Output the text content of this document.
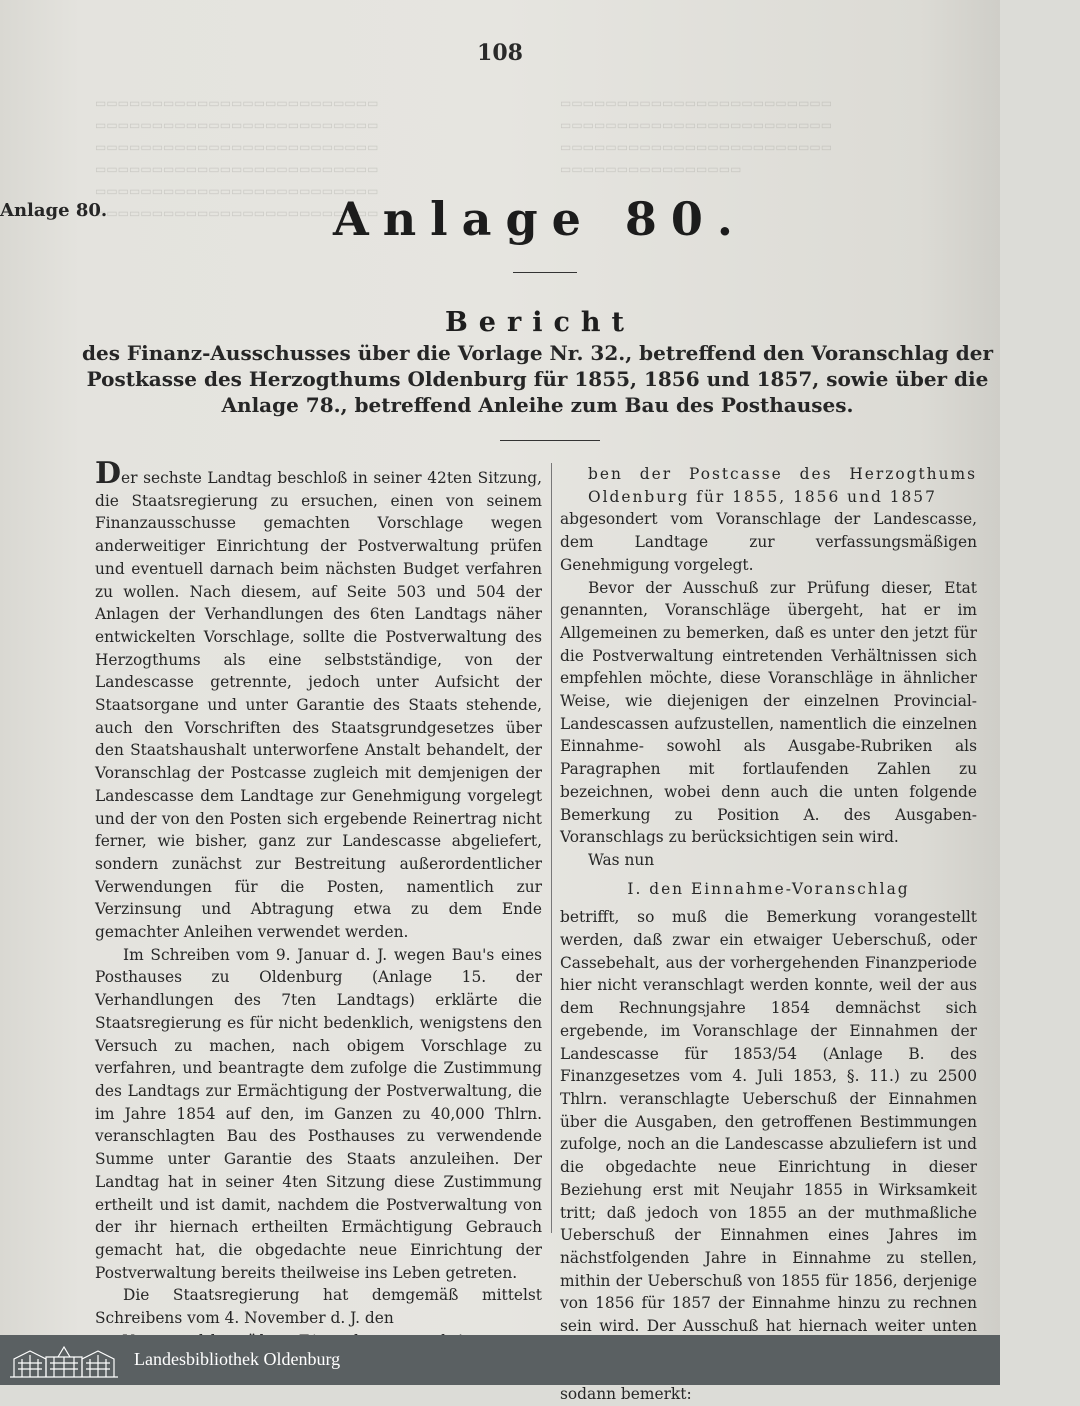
▭▭▭▭▭▭▭▭▭▭▭▭▭▭▭▭▭▭▭▭▭▭▭▭▭
▭▭▭▭▭▭▭▭▭▭▭▭▭▭▭▭▭▭▭▭▭▭▭▭▭
▭▭▭▭▭▭▭▭▭▭▭▭▭▭▭▭▭▭▭▭▭▭▭▭▭
▭▭▭▭▭▭▭▭▭▭▭▭▭▭▭▭▭▭▭▭▭▭▭▭▭
▭▭▭▭▭▭▭▭▭▭▭▭▭▭▭▭▭▭▭▭▭▭▭▭▭
▭▭▭▭▭▭▭▭▭▭▭▭▭▭▭▭▭▭▭▭▭▭▭▭▭
▭▭▭▭▭▭▭▭▭▭▭▭▭▭▭▭▭▭▭▭▭▭▭▭
▭▭▭▭▭▭▭▭▭▭▭▭▭▭▭▭▭▭▭▭▭▭▭▭
▭▭▭▭▭▭▭▭▭▭▭▭▭▭▭▭▭▭▭▭▭▭▭▭
▭▭▭▭▭▭▭▭▭▭▭▭▭▭▭▭
108
Anlage 80.	Anlage 80.
Bericht
des Finanz-Ausschusses über die Vorlage Nr. 32., betreffend den Voranschlag der Postkasse des Herzogthums Oldenburg für 1855, 1856 und 1857, sowie über die Anlage 78., betreffend Anleihe zum Bau des Posthauses.

Der sechste Landtag beschloß in seiner 42ten Sitzung, die Staatsregierung zu ersuchen, einen von seinem Finanzausschusse gemachten Vorschlage wegen anderweitiger Einrichtung der Postverwaltung prüfen und eventuell darnach beim nächsten Budget verfahren zu wollen. Nach diesem, auf Seite 503 und 504 der Anlagen der Verhandlungen des 6ten Landtags näher entwickelten Vorschlage, sollte die Postverwaltung des Herzogthums als eine selbstständige, von der Landescasse getrennte, jedoch unter Aufsicht der Staatsorgane und unter Garantie des Staats stehende, auch den Vorschriften des Staatsgrundgesetzes über den Staatshaushalt unterworfene Anstalt behandelt, der Voranschlag der Postcasse zugleich mit demjenigen der Landescasse dem Landtage zur Genehmigung vorgelegt und der von den Posten sich ergebende Reinertrag nicht ferner, wie bisher, ganz zur Landescasse abgeliefert, sondern zunächst zur Bestreitung außerordentlicher Verwendungen für die Posten, namentlich zur Verzinsung und Abtragung etwa zu dem Ende gemachter Anleihen verwendet werden.

Im Schreiben vom 9. Januar d. J. wegen Bau's eines Posthauses zu Oldenburg (Anlage 15. der Verhandlungen des 7ten Landtags) erklärte die Staatsregierung es für nicht bedenklich, wenigstens den Versuch zu machen, nach obigem Vorschlage zu verfahren, und beantragte dem zufolge die Zustimmung des Landtags zur Ermächtigung der Postverwaltung, die im Jahre 1854 auf den, im Ganzen zu 40,000 Thlrn. veranschlagten Bau des Posthauses zu verwendende Summe unter Garantie des Staats anzuleihen. Der Landtag hat in seiner 4ten Sitzung diese Zustimmung ertheilt und ist damit, nachdem die Postverwaltung von der ihr hiernach ertheilten Ermächtigung Gebrauch gemacht hat, die obgedachte neue Einrichtung der Postverwaltung bereits theilweise ins Leben getreten.

Die Staatsregierung hat demgemäß mittelst Schreibens vom 4. November d. J. den

ben der Postcasse des Herzogthums Oldenburg für 1855, 1856 und 1857

abgesondert vom Voranschlage der Landescasse, dem Landtage zur verfassungsmäßigen Genehmigung vorgelegt.

Bevor der Ausschuß zur Prüfung dieser, Etat genannten, Voranschläge übergeht, hat er im Allgemeinen zu bemerken, daß es unter den jetzt für die Postverwaltung eintretenden Verhältnissen sich empfehlen möchte, diese Voranschläge in ähnlicher Weise, wie diejenigen der einzelnen Provincial-Landescassen aufzustellen, namentlich die einzelnen Einnahme- sowohl als Ausgabe-Rubriken als Paragraphen mit fortlaufenden Zahlen zu bezeichnen, wobei denn auch die unten folgende Bemerkung zu Position A. des Ausgaben-Voranschlags zu berücksichtigen sein wird.

Was nun

I. den Einnahme-Voranschlag

betrifft, so muß die Bemerkung vorangestellt werden, daß zwar ein etwaiger Ueberschuß, oder Cassebehalt, aus der vorhergehenden Finanzperiode hier nicht veranschlagt werden konnte, weil der aus dem Rechnungsjahre 1854 demnächst sich ergebende, im Voranschlage der Einnahmen der Landescasse für 1853/54 (Anlage B. des Finanzgesetzes vom 4. Juli 1853, §. 11.) zu 2500 Thlrn. veranschlagte Ueberschuß der Einnahmen über die Ausgaben, den getroffenen Bestimmungen zufolge, noch an die Landescasse abzuliefern ist und die obgedachte neue Einrichtung in dieser Beziehung erst mit Neujahr 1855 in Wirksamkeit tritt; daß jedoch von 1855 an der muthmaßliche Ueberschuß der Einnahmen eines Jahres im nächstfolgenden Jahre in Einnahme zu stellen, mithin der Ueberschuß von 1855 für 1856, derjenige von 1856 für 1857 der Einnahme hinzu zu rechnen sein wird. Der Ausschuß hat hiernach weiter unten

sodann bemerkt:

Landesbibliothek Oldenburg
